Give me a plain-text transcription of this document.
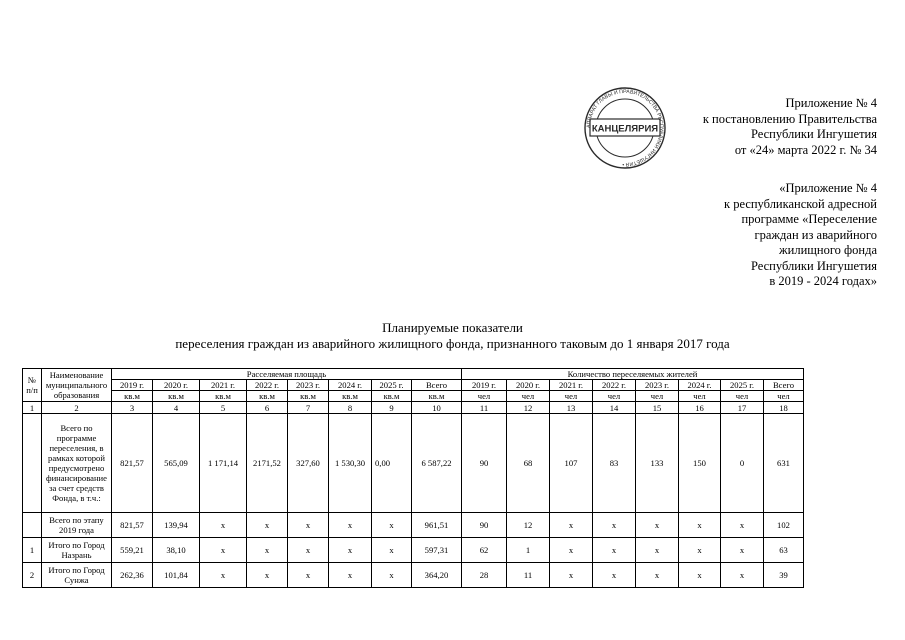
Приложение № 4
к постановлению Правительства
Республики Ингушетия
от «24» марта 2022 г. № 34
КАНЦЕЛЯРИЯ
АППАРАТ ГЛАВЫ И ПРАВИТЕЛЬСТВА РЕСПУБЛИКИ ИНГУШЕТИЯ •
«Приложение № 4
к республиканской адресной
программе «Переселение
граждан из аварийного
жилищного фонда
Республики Ингушетия
в 2019 - 2024 годах»
Планируемые показатели
переселения граждан из аварийного жилищного фонда, признанного таковым до 1 января 2017 года
№ п/п	Наименование муниципального образования	Расселяемая площадь								Количество переселяемых жителей							
		2019 г.	2020 г.	2021 г.	2022 г.	2023 г.	2024 г.	2025 г.	Всего	2019 г.	2020 г.	2021 г.	2022 г.	2023 г.	2024 г.	2025 г.	Всего
		кв.м	кв.м	кв.м	кв.м	кв.м	кв.м	кв.м	кв.м	чел	чел	чел	чел	чел	чел	чел	чел
1	2	3	4	5	6	7	8	9	10	11	12	13	14	15	16	17	18
	Всего по программе переселения, в рамках которой предусмотрено финансирование за счет средств Фонда, в т.ч.:	821,57	565,09	1 171,14	2171,52	327,60	1 530,30	0,00	6 587,22	90	68	107	83	133	150	0	631
	Всего по этапу 2019 года	821,57	139,94	x	x	x	x	x	961,51	90	12	x	x	x	x	x	102
1	Итого по Город Назрань	559,21	38,10	x	x	x	x	x	597,31	62	1	x	x	x	x	x	63
2	Итого по Город Сунжа	262,36	101,84	x	x	x	x	x	364,20	28	11	x	x	x	x	x	39
